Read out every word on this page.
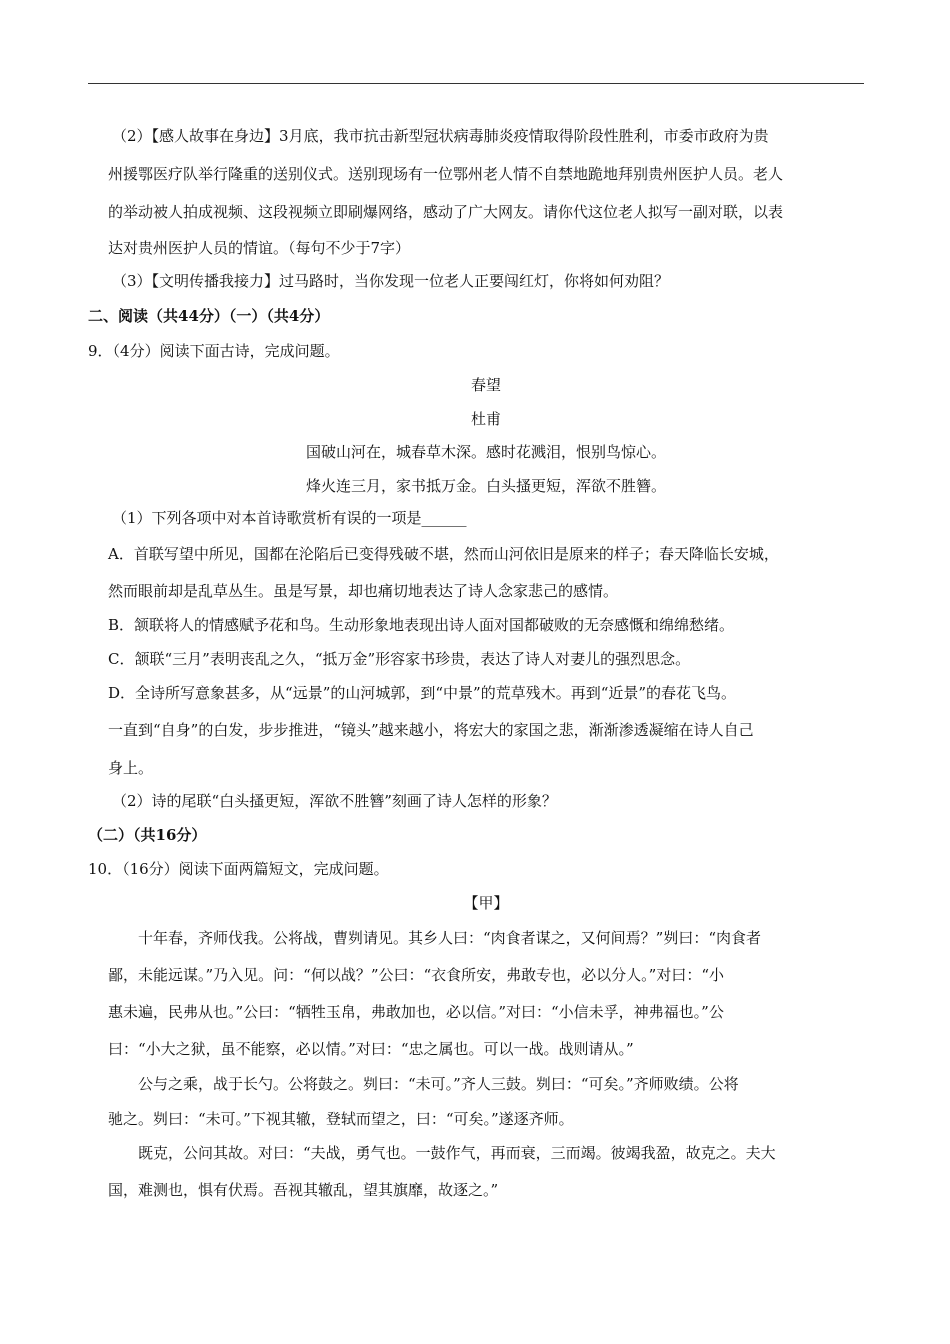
（2）【感人故事在身边】3月底，我市抗击新型冠状病毒肺炎疫情取得阶段性胜利，市委市政府为贵
州援鄂医疗队举行隆重的送别仪式。送别现场有一位鄂州老人情不自禁地跪地拜别贵州医护人员。老人
的举动被人拍成视频、这段视频立即刷爆网络，感动了广大网友。请你代这位老人拟写一副对联，以表
达对贵州医护人员的情谊。（每句不少于7字）
（3）【文明传播我接力】过马路时，当你发现一位老人正要闯红灯，你将如何劝阻？
二、阅读（共44分）（一）（共4分）
9．（4分）阅读下面古诗，完成问题。
春望
杜甫
国破山河在，城春草木深。感时花溅泪，恨别鸟惊心。
烽火连三月，家书抵万金。白头搔更短，浑欲不胜簪。
（1）下列各项中对本首诗歌赏析有误的一项是______
A．首联写望中所见，国都在沦陷后已变得残破不堪，然而山河依旧是原来的样子；春天降临长安城，
然而眼前却是乱草丛生。虽是写景，却也痛切地表达了诗人念家悲己的感情。
B．颔联将人的情感赋予花和鸟。生动形象地表现出诗人面对国都破败的无奈感慨和绵绵愁绪。
C．颔联“三月”表明丧乱之久，“抵万金”形容家书珍贵，表达了诗人对妻儿的强烈思念。
D．全诗所写意象甚多，从“远景”的山河城郭，到“中景”的荒草残木。再到“近景”的春花飞鸟。
一直到“自身”的白发，步步推进，“镜头”越来越小，将宏大的家国之悲，渐渐渗透凝缩在诗人自己
身上。
（2）诗的尾联“白头搔更短，浑欲不胜簪”刻画了诗人怎样的形象？
（二）（共16分）
10．（16分）阅读下面两篇短文，完成问题。
【甲】
十年春，齐师伐我。公将战，曹刿请见。其乡人曰：“肉食者谋之，又何间焉？”刿曰：“肉食者
鄙，未能远谋。”乃入见。问：“何以战？”公曰：“衣食所安，弗敢专也，必以分人。”对曰：“小
惠未遍，民弗从也。”公曰：“牺牲玉帛，弗敢加也，必以信。”对曰：“小信未孚，神弗福也。”公
曰：“小大之狱，虽不能察，必以情。”对曰：“忠之属也。可以一战。战则请从。”
公与之乘，战于长勺。公将鼓之。刿曰：“未可。”齐人三鼓。刿曰：“可矣。”齐师败绩。公将
驰之。刿曰：“未可。”下视其辙，登轼而望之，曰：“可矣。”遂逐齐师。
既克，公问其故。对曰：“夫战，勇气也。一鼓作气，再而衰，三而竭。彼竭我盈，故克之。夫大
国，难测也，惧有伏焉。吾视其辙乱，望其旗靡，故逐之。”
